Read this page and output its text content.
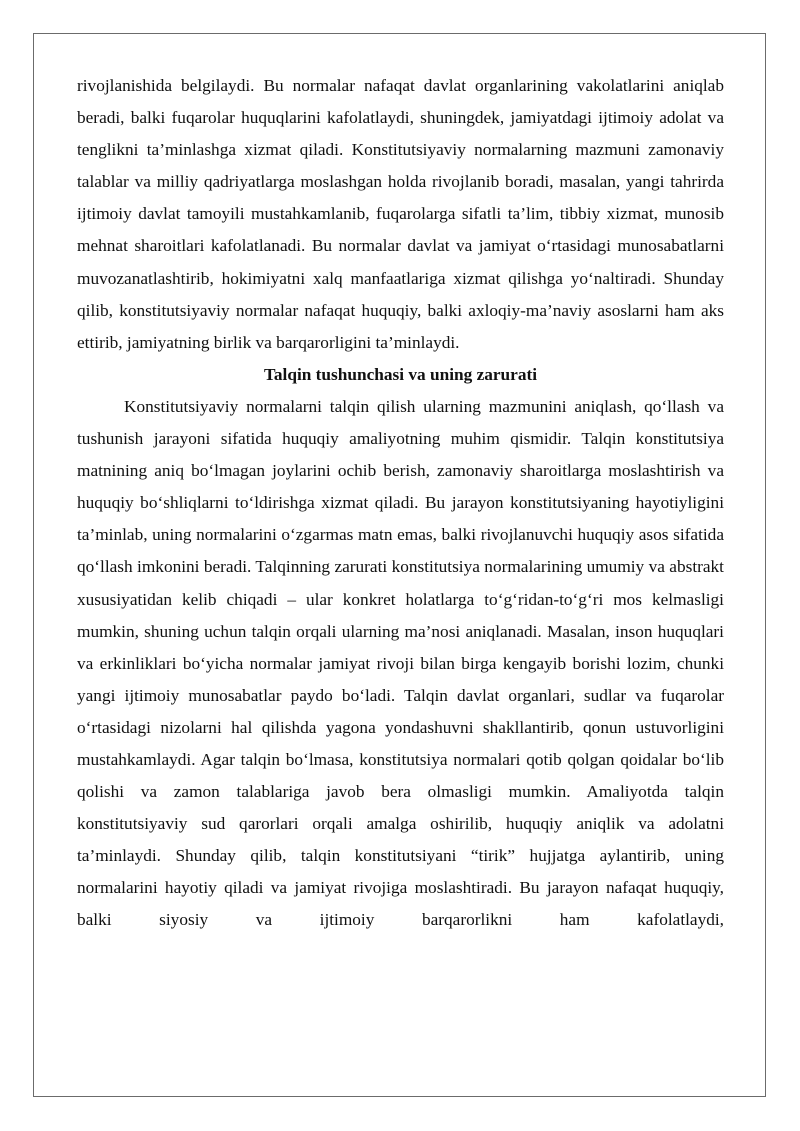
rivojlanishida belgilaydi. Bu normalar nafaqat davlat organlarining vakolatlarini aniqlab beradi, balki fuqarolar huquqlarini kafolatlaydi, shuningdek, jamiyatdagi ijtimoiy adolat va tenglikni ta’minlashga xizmat qiladi. Konstitutsiyaviy normalarning mazmuni zamonaviy talablar va milliy qadriyatlarga moslashgan holda rivojlanib boradi, masalan, yangi tahrirda ijtimoiy davlat tamoyili mustahkamlanib, fuqarolarga sifatli ta’lim, tibbiy xizmat, munosib mehnat sharoitlari kafolatlanadi. Bu normalar davlat va jamiyat o‘rtasidagi munosabatlarni muvozanatlashtirib, hokimiyatni xalq manfaatlariga xizmat qilishga yo‘naltiradi. Shunday qilib, konstitutsiyaviy normalar nafaqat huquqiy, balki axloqiy-ma’naviy asoslarni ham aks ettirib, jamiyatning birlik va barqarorligini ta’minlaydi.

Talqin tushunchasi va uning zarurati

Konstitutsiyaviy normalarni talqin qilish ularning mazmunini aniqlash, qo‘llash va tushunish jarayoni sifatida huquqiy amaliyotning muhim qismidir. Talqin konstitutsiya matnining aniq bo‘lmagan joylarini ochib berish, zamonaviy sharoitlarga moslashtirish va huquqiy bo‘shliqlarni to‘ldirishga xizmat qiladi. Bu jarayon konstitutsiyaning hayotiyligini ta’minlab, uning normalarini o‘zgarmas matn emas, balki rivojlanuvchi huquqiy asos sifatida qo‘llash imkonini beradi. Talqinning zarurati konstitutsiya normalarining umumiy va abstrakt xususiyatidan kelib chiqadi – ular konkret holatlarga to‘g‘ridan-to‘g‘ri mos kelmasligi mumkin, shuning uchun talqin orqali ularning ma’nosi aniqlanadi. Masalan, inson huquqlari va erkinliklari bo‘yicha normalar jamiyat rivoji bilan birga kengayib borishi lozim, chunki yangi ijtimoiy munosabatlar paydo bo‘ladi. Talqin davlat organlari, sudlar va fuqarolar o‘rtasidagi nizolarni hal qilishda yagona yondashuvni shakllantirib, qonun ustuvorligini mustahkamlaydi. Agar talqin bo‘lmasa, konstitutsiya normalari qotib qolgan qoidalar bo‘lib qolishi va zamon talablariga javob bera olmasligi mumkin. Amaliyotda talqin konstitutsiyaviy sud qarorlari orqali amalga oshirilib, huquqiy aniqlik va adolatni ta’minlaydi. Shunday qilib, talqin konstitutsiyani “tirik” hujjatga aylantirib, uning normalarini hayotiy qiladi va jamiyat rivojiga moslashtiradi. Bu jarayon nafaqat huquqiy, balki siyosiy va ijtimoiy barqarorlikni ham kafolatlaydi,
